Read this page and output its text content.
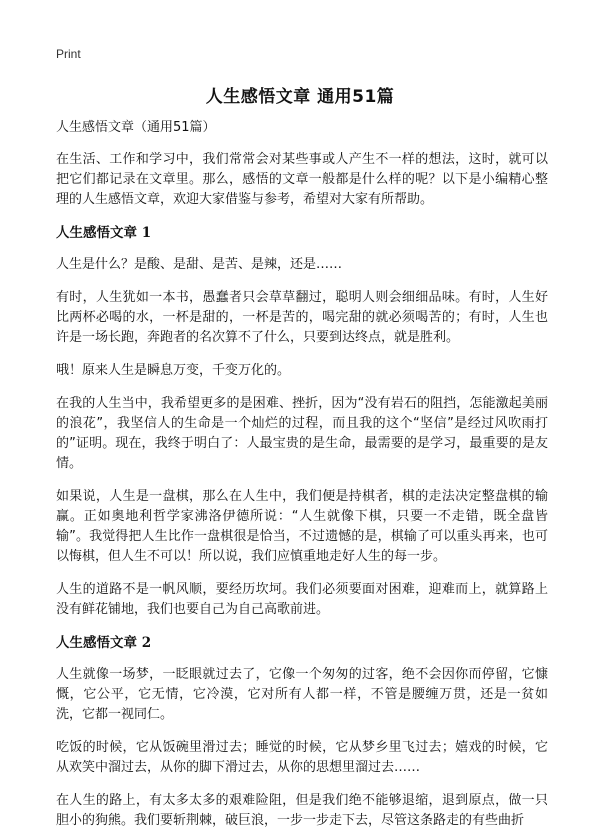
Print
人生感悟文章 通用51篇

人生感悟文章（通用51篇）

在生活、工作和学习中，我们常常会对某些事或人产生不一样的想法，这时，就可以把它们都记录在文章里。那么，感悟的文章一般都是什么样的呢？以下是小编精心整理的人生感悟文章，欢迎大家借鉴与参考，希望对大家有所帮助。

人生感悟文章 1

人生是什么？是酸、是甜、是苦、是辣，还是……

有时，人生犹如一本书，愚蠢者只会草草翻过，聪明人则会细细品味。有时，人生好比两杯必喝的水，一杯是甜的，一杯是苦的，喝完甜的就必须喝苦的；有时，人生也许是一场长跑，奔跑者的名次算不了什么，只要到达终点，就是胜利。

哦！原来人生是瞬息万变，千变万化的。

在我的人生当中，我希望更多的是困难、挫折，因为“没有岩石的阻挡，怎能激起美丽的浪花”，我坚信人的生命是一个灿烂的过程，而且我的这个“坚信”是经过风吹雨打的”证明。现在，我终于明白了：人最宝贵的是生命，最需要的是学习，最重要的是友情。

如果说，人生是一盘棋，那么在人生中，我们便是持棋者，棋的走法决定整盘棋的输赢。正如奥地利哲学家沸洛伊德所说：“人生就像下棋，只要一不走错，既全盘皆输”。我觉得把人生比作一盘棋很是恰当，不过遗憾的是，棋输了可以重头再来，也可以悔棋，但人生不可以！所以说，我们应慎重地走好人生的每一步。

人生的道路不是一帆风顺，要经历坎坷。我们必须要面对困难，迎难而上，就算路上没有鲜花铺地，我们也要自己为自己高歌前进。

人生感悟文章 2

人生就像一场梦，一眨眼就过去了，它像一个匆匆的过客，绝不会因你而停留，它慷慨，它公平，它无情，它冷漠，它对所有人都一样，不管是腰缠万贯，还是一贫如洗，它都一视同仁。

吃饭的时候，它从饭碗里滑过去；睡觉的时候，它从梦乡里飞过去；嬉戏的时候，它从欢笑中溜过去，从你的脚下滑过去，从你的思想里溜过去……

在人生的路上，有太多太多的艰难险阻，但是我们绝不能够退缩，退到原点，做一只胆小的狗熊。我们要斩荆棘，破巨浪，一步一步走下去，尽管这条路走的有些曲折
